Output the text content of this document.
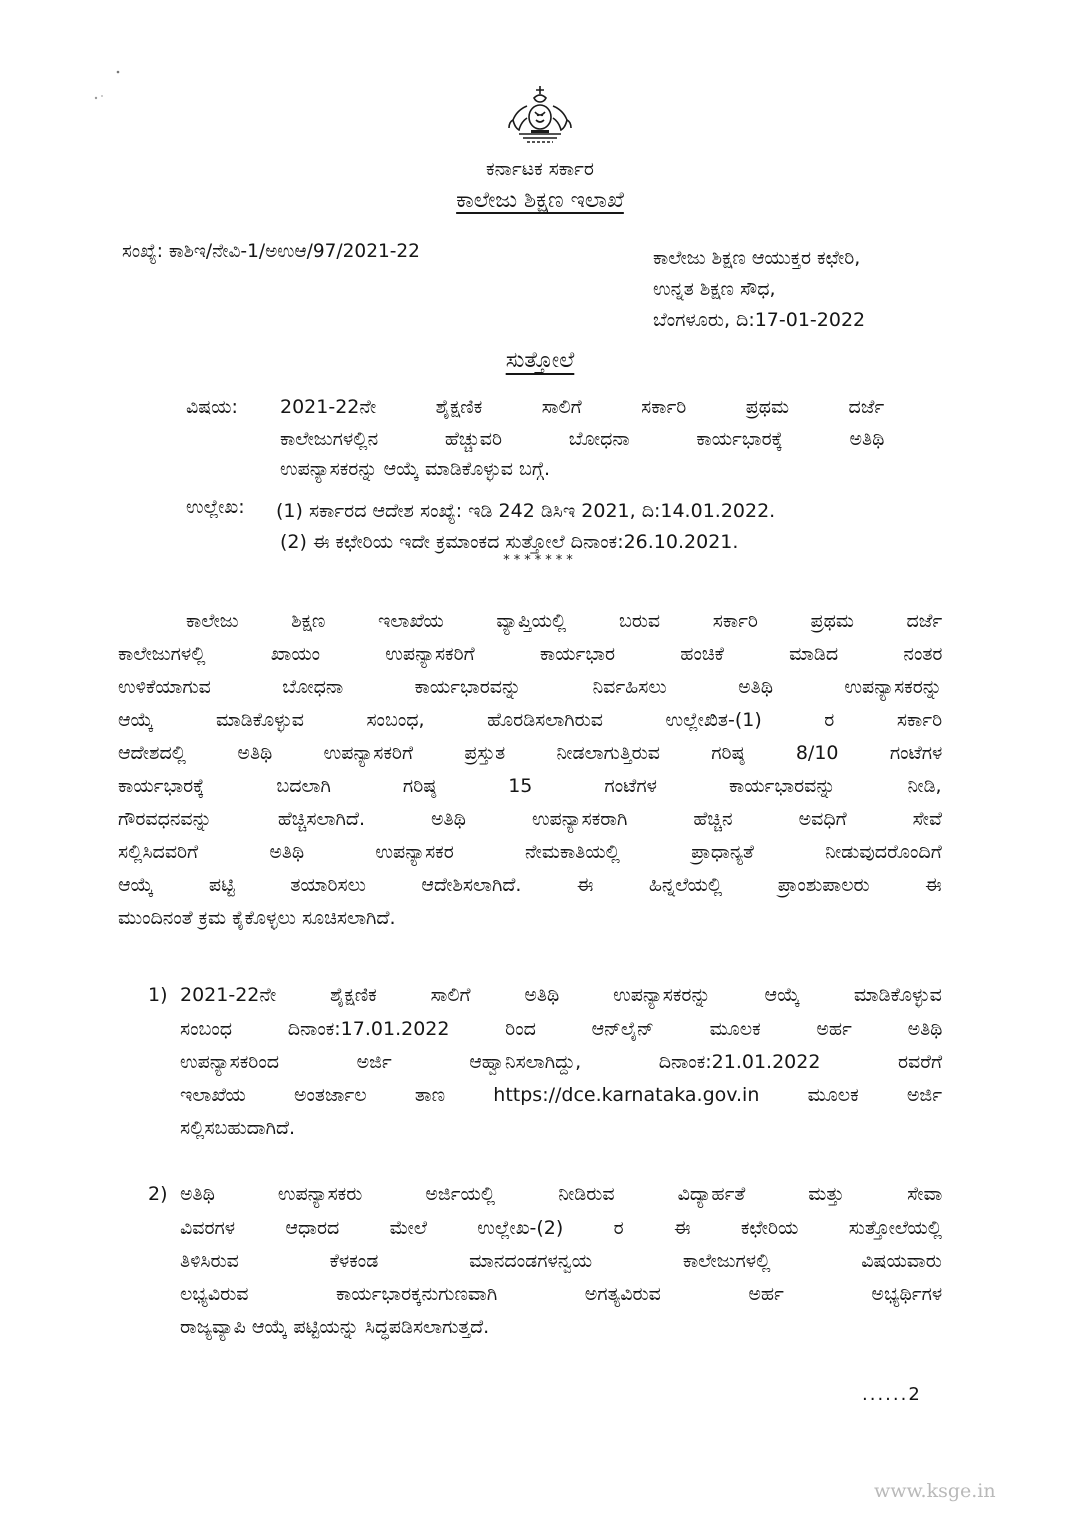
ಕರ್ನಾಟಕ ಸರ್ಕಾರ
ಕಾಲೇಜು ಶಿಕ್ಷಣ ಇಲಾಖೆ
ಸಂಖ್ಯೆ: ಕಾಶಿಇ/ನೇವಿ-1/ಅಉಆ/97/2021-22	ಕಾಲೇಜು ಶಿಕ್ಷಣ ಆಯುಕ್ತರ ಕಛೇರಿ,
ಉನ್ನತ ಶಿಕ್ಷಣ ಸೌಧ,
ಬೆಂಗಳೂರು, ದಿ:17-01-2022
ಸುತ್ತೋಲೆ
ವಿಷಯ: 2021-22ನೇ ಶೈಕ್ಷಣಿಕ ಸಾಲಿಗೆ ಸರ್ಕಾರಿ ಪ್ರಥಮ ದರ್ಜೆ
ಕಾಲೇಜುಗಳಲ್ಲಿನ ಹೆಚ್ಚುವರಿ ಬೋಧನಾ ಕಾರ್ಯಭಾರಕ್ಕೆ ಅತಿಥಿ
ಉಪನ್ಯಾಸಕರನ್ನು ಆಯ್ಕೆ ಮಾಡಿಕೊಳ್ಳುವ ಬಗ್ಗೆ.
ಉಲ್ಲೇಖ: (1) ಸರ್ಕಾರದ ಆದೇಶ ಸಂಖ್ಯೆ: ಇಡಿ 242 ಡಿಸಿಇ 2021, ದಿ:14.01.2022.
(2) ಈ ಕಛೇರಿಯ ಇದೇ ಕ್ರಮಾಂಕದ ಸುತ್ತೋಲೆ ದಿನಾಂಕ:26.10.2021.
*******
ಕಾಲೇಜು ಶಿಕ್ಷಣ ಇಲಾಖೆಯ ವ್ಯಾಪ್ತಿಯಲ್ಲಿ ಬರುವ ಸರ್ಕಾರಿ ಪ್ರಥಮ ದರ್ಜೆ
ಕಾಲೇಜುಗಳಲ್ಲಿ ಖಾಯಂ ಉಪನ್ಯಾಸಕರಿಗೆ ಕಾರ್ಯಭಾರ ಹಂಚಿಕೆ ಮಾಡಿದ ನಂತರ
ಉಳಿಕೆಯಾಗುವ ಬೋಧನಾ ಕಾರ್ಯಭಾರವನ್ನು ನಿರ್ವಹಿಸಲು ಅತಿಥಿ ಉಪನ್ಯಾಸಕರನ್ನು
ಆಯ್ಕೆ ಮಾಡಿಕೊಳ್ಳುವ ಸಂಬಂಧ, ಹೊರಡಿಸಲಾಗಿರುವ ಉಲ್ಲೇಖಿತ-(1) ರ ಸರ್ಕಾರಿ
ಆದೇಶದಲ್ಲಿ ಅತಿಥಿ ಉಪನ್ಯಾಸಕರಿಗೆ ಪ್ರಸ್ತುತ ನೀಡಲಾಗುತ್ತಿರುವ ಗರಿಷ್ಠ 8/10 ಗಂಟೆಗಳ
ಕಾರ್ಯಭಾರಕ್ಕೆ ಬದಲಾಗಿ ಗರಿಷ್ಠ 15 ಗಂಟೆಗಳ ಕಾರ್ಯಭಾರವನ್ನು ನೀಡಿ,
ಗೌರವಧನವನ್ನು ಹೆಚ್ಚಿಸಲಾಗಿದೆ. ಅತಿಥಿ ಉಪನ್ಯಾಸಕರಾಗಿ ಹೆಚ್ಚಿನ ಅವಧಿಗೆ ಸೇವೆ
ಸಲ್ಲಿಸಿದವರಿಗೆ ಅತಿಥಿ ಉಪನ್ಯಾಸಕರ ನೇಮಕಾತಿಯಲ್ಲಿ ಪ್ರಾಧಾನ್ಯತೆ ನೀಡುವುದರೊಂದಿಗೆ
ಆಯ್ಕೆ ಪಟ್ಟಿ ತಯಾರಿಸಲು ಆದೇಶಿಸಲಾಗಿದೆ. ಈ ಹಿನ್ನಲೆಯಲ್ಲಿ ಪ್ರಾಂಶುಪಾಲರು ಈ
ಮುಂದಿನಂತೆ ಕ್ರಮ ಕೈಕೊಳ್ಳಲು ಸೂಚಿಸಲಾಗಿದೆ.
1) 2021-22ನೇ ಶೈಕ್ಷಣಿಕ ಸಾಲಿಗೆ ಅತಿಥಿ ಉಪನ್ಯಾಸಕರನ್ನು ಆಯ್ಕೆ ಮಾಡಿಕೊಳ್ಳುವ
ಸಂಬಂಧ ದಿನಾಂಕ:17.01.2022 ರಿಂದ ಆನ್‌ಲೈನ್ ಮೂಲಕ ಅರ್ಹ ಅತಿಥಿ
ಉಪನ್ಯಾಸಕರಿಂದ ಅರ್ಜಿ ಆಹ್ವಾನಿಸಲಾಗಿದ್ದು, ದಿನಾಂಕ:21.01.2022 ರವರೆಗೆ
ಇಲಾಖೆಯ ಅಂತರ್ಜಾಲ ತಾಣ https://dce.karnataka.gov.in ಮೂಲಕ ಅರ್ಜಿ
ಸಲ್ಲಿಸಬಹುದಾಗಿದೆ.
2) ಅತಿಥಿ ಉಪನ್ಯಾಸಕರು ಅರ್ಜಿಯಲ್ಲಿ ನೀಡಿರುವ ವಿದ್ಯಾರ್ಹತೆ ಮತ್ತು ಸೇವಾ
ವಿವರಗಳ ಆಧಾರದ ಮೇಲೆ ಉಲ್ಲೇಖ-(2) ರ ಈ ಕಛೇರಿಯ ಸುತ್ತೋಲೆಯಲ್ಲಿ
ತಿಳಿಸಿರುವ ಕೆಳಕಂಡ ಮಾನದಂಡಗಳನ್ವಯ ಕಾಲೇಜುಗಳಲ್ಲಿ ವಿಷಯವಾರು
ಲಭ್ಯವಿರುವ ಕಾರ್ಯಭಾರಕ್ಕನುಗುಣವಾಗಿ ಅಗತ್ಯವಿರುವ ಅರ್ಹ ಅಭ್ಯರ್ಥಿಗಳ
ರಾಜ್ಯವ್ಯಾಪಿ ಆಯ್ಕೆ ಪಟ್ಟಿಯನ್ನು ಸಿದ್ಧಪಡಿಸಲಾಗುತ್ತದೆ.
......2
www.ksge.in
